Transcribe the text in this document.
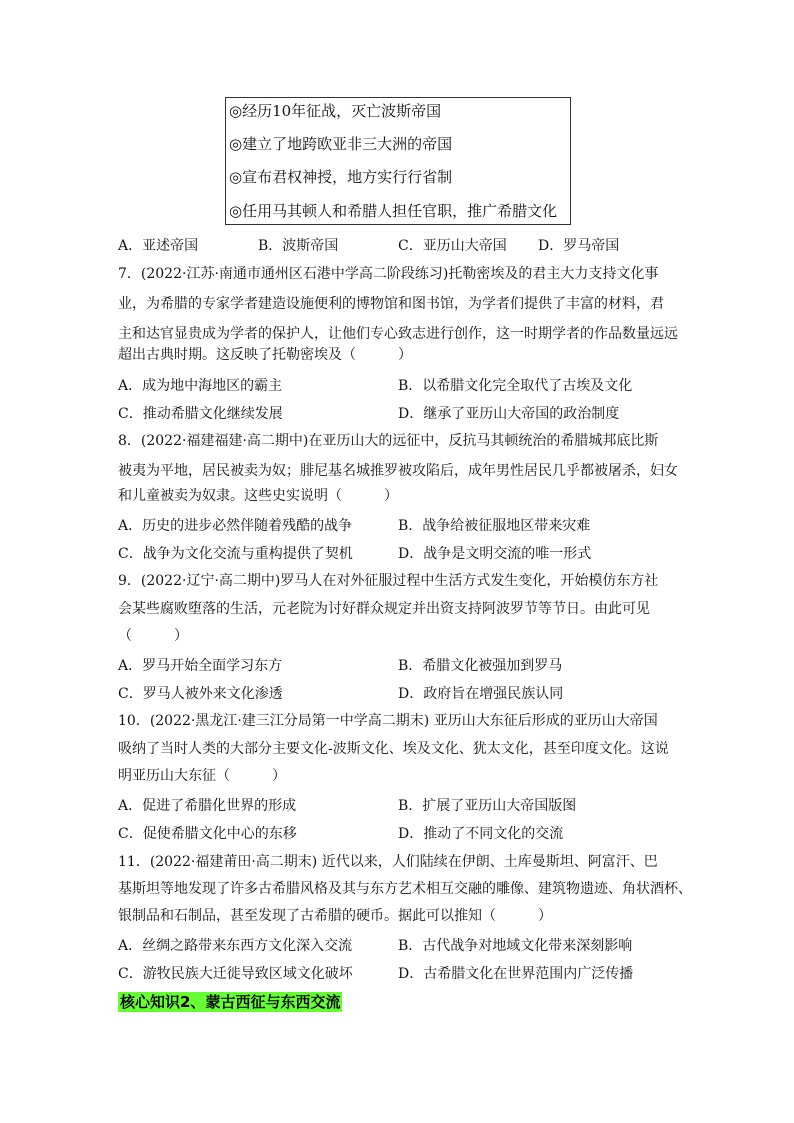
◎经历10年征战，灭亡波斯帝国
◎建立了地跨欧亚非三大洲的帝国
◎宣布君权神授，地方实行行省制
◎任用马其顿人和希腊人担任官职，推广希腊文化
A．亚述帝国	B．波斯帝国	C．亚历山大帝国 D．罗马帝国
7．(2022·江苏·南通市通州区石港中学高二阶段练习)托勒密埃及的君主大力支持文化事
业，为希腊的专家学者建造设施便利的博物馆和图书馆，为学者们提供了丰富的材料，君
主和达官显贵成为学者的保护人，让他们专心致志进行创作，这一时期学者的作品数量远远
超出古典时期。这反映了托勒密埃及（　　　）
A．成为地中海地区的霸主	B．以希腊文化完全取代了古埃及文化
C．推动希腊文化继续发展	D．继承了亚历山大帝国的政治制度
8．(2022·福建福建·高二期中)在亚历山大的远征中，反抗马其顿统治的希腊城邦底比斯
被夷为平地，居民被卖为奴；腓尼基名城推罗被攻陷后，成年男性居民几乎都被屠杀，妇女
和儿童被卖为奴隶。这些史实说明（　　　）
A．历史的进步必然伴随着残酷的战争	B．战争给被征服地区带来灾难
C．战争为文化交流与重构提供了契机	D．战争是文明交流的唯一形式
9．(2022·辽宁·高二期中)罗马人在对外征服过程中生活方式发生变化，开始模仿东方社
会某些腐败堕落的生活，元老院为讨好群众规定并出资支持阿波罗节等节日。由此可见
（　　　）
A．罗马开始全面学习东方	B．希腊文化被强加到罗马
C．罗马人被外来文化渗透	D．政府旨在增强民族认同
10．(2022·黑龙江·建三江分局第一中学高二期末) 亚历山大东征后形成的亚历山大帝国
吸纳了当时人类的大部分主要文化-波斯文化、埃及文化、犹太文化，甚至印度文化。这说
明亚历山大东征（　　　）
A．促进了希腊化世界的形成	B．扩展了亚历山大帝国版图
C．促使希腊文化中心的东移	D．推动了不同文化的交流
11．(2022·福建莆田·高二期末) 近代以来，人们陆续在伊朗、土库曼斯坦、阿富汗、巴
基斯坦等地发现了许多古希腊风格及其与东方艺术相互交融的雕像、建筑物遗迹、角状酒杯、
银制品和石制品，甚至发现了古希腊的硬币。据此可以推知（　　　）
A．丝绸之路带来东西方文化深入交流	B．古代战争对地域文化带来深刻影响
C．游牧民族大迁徙导致区域文化破坏	D．古希腊文化在世界范围内广泛传播
核心知识2、蒙古西征与东西交流
